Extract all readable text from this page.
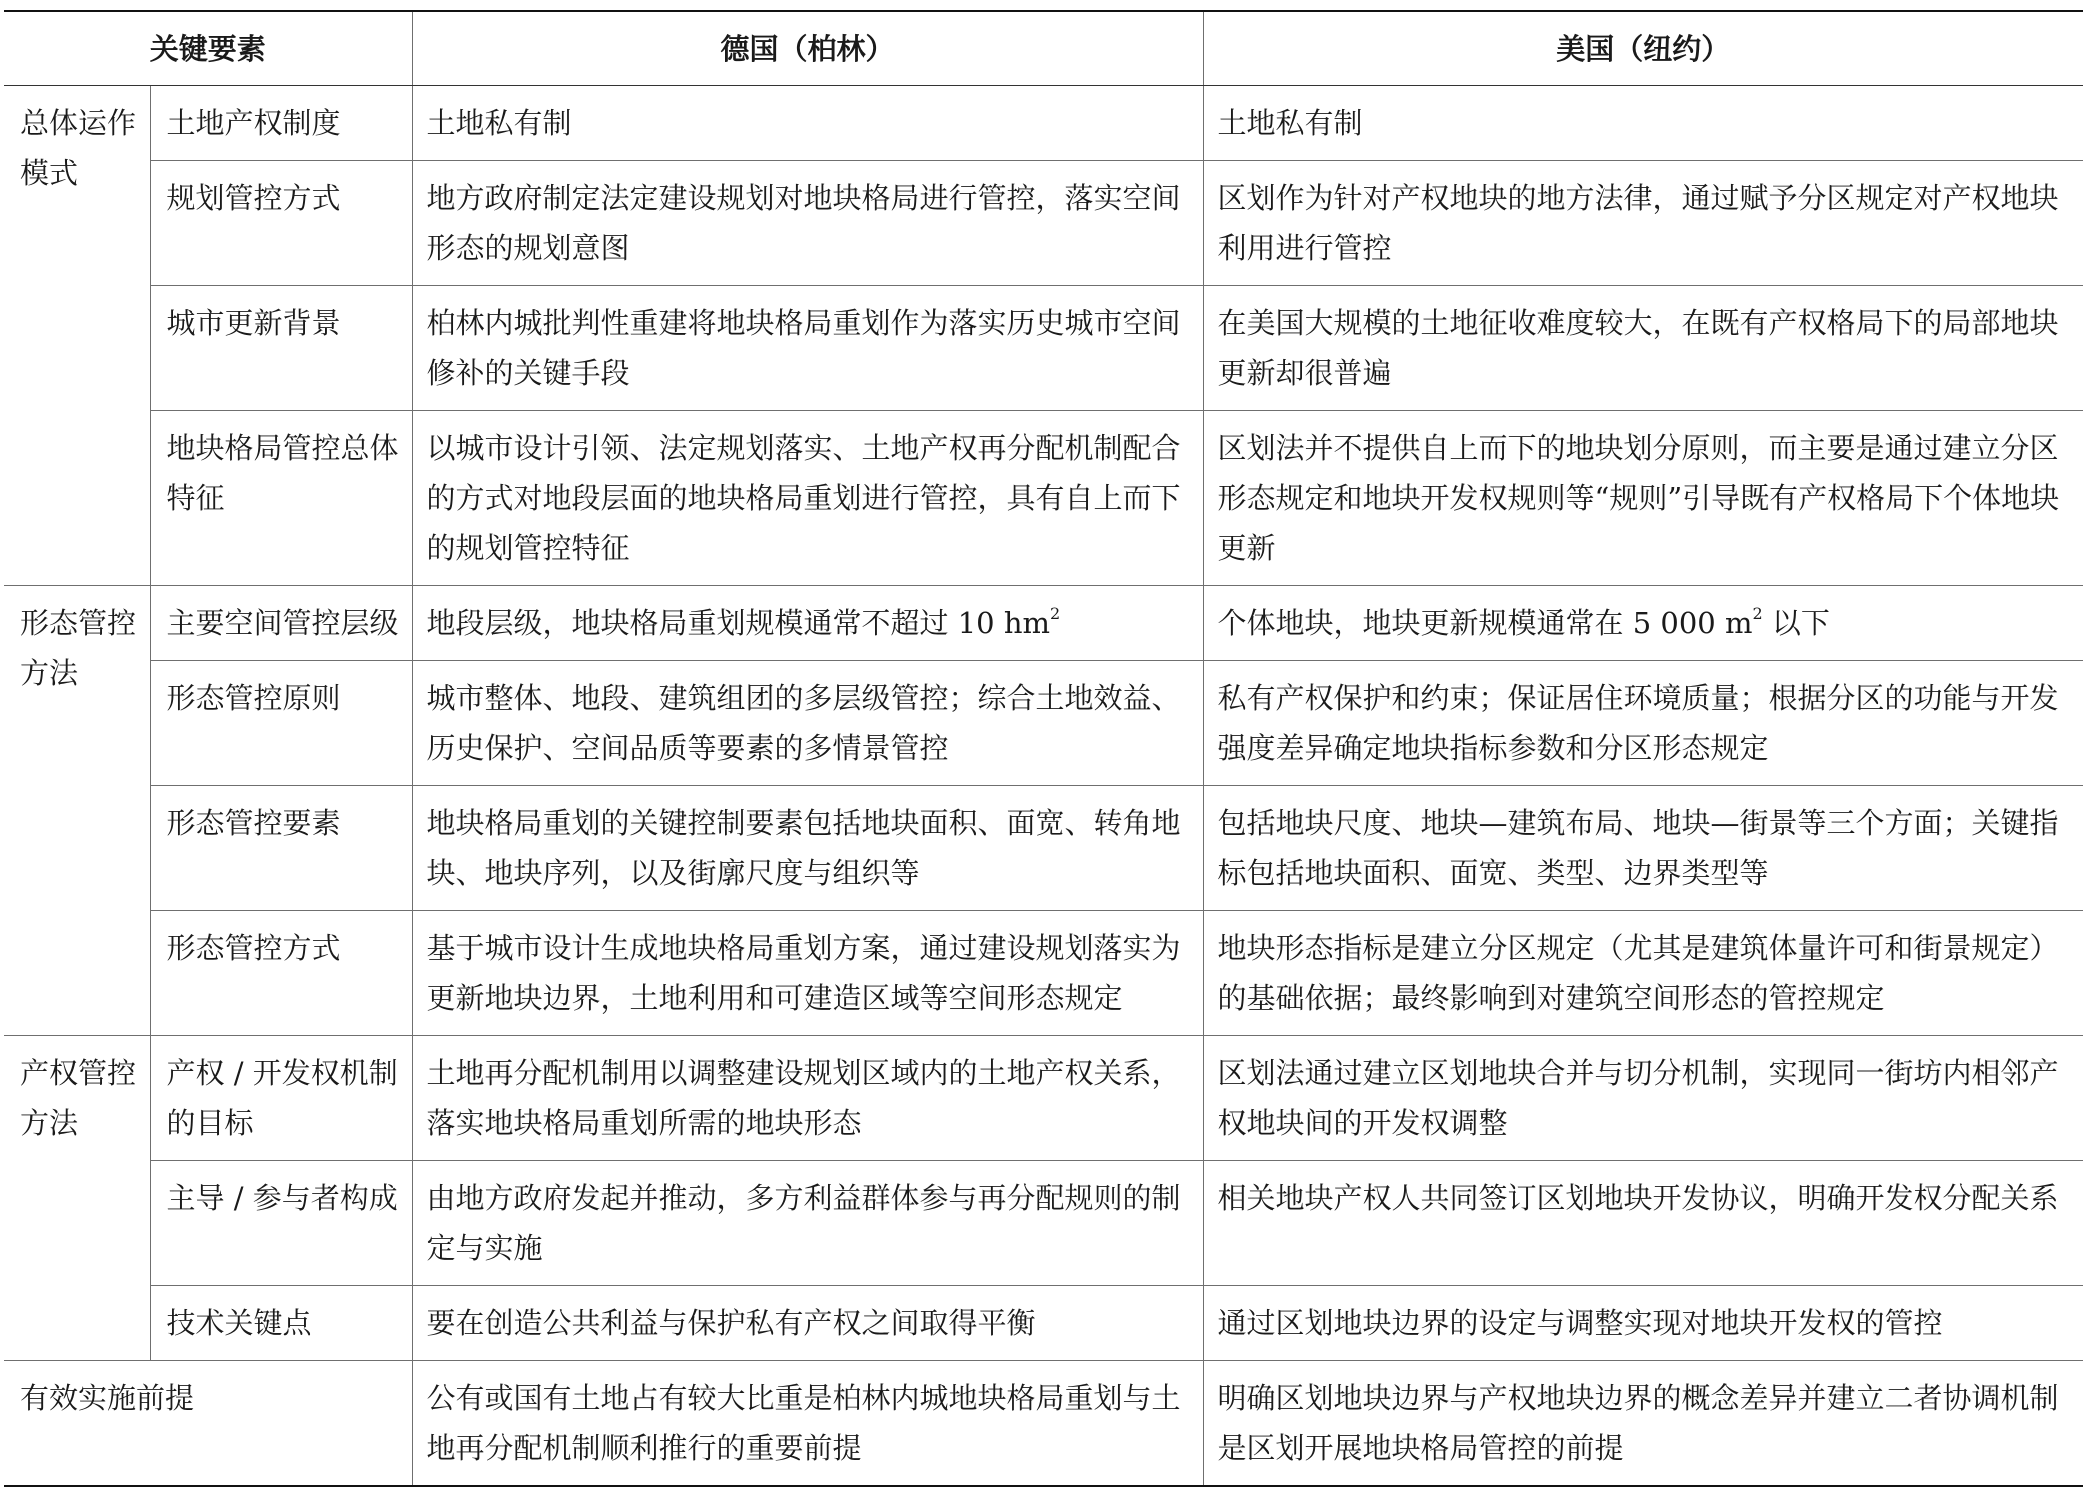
关键要素		德国（柏林）	美国（纽约）
总体运作模式	土地产权制度	土地私有制	土地私有制
	规划管控方式	地方政府制定法定建设规划对地块格局进行管控，落实空间形态的规划意图	区划作为针对产权地块的地方法律，通过赋予分区规定对产权地块利用进行管控
	城市更新背景	柏林内城批判性重建将地块格局重划作为落实历史城市空间修补的关键手段	在美国大规模的土地征收难度较大，在既有产权格局下的局部地块更新却很普遍
	地块格局管控总体特征	以城市设计引领、法定规划落实、土地产权再分配机制配合的方式对地段层面的地块格局重划进行管控，具有自上而下的规划管控特征	区划法并不提供自上而下的地块划分原则，而主要是通过建立分区形态规定和地块开发权规则等“规则”引导既有产权格局下个体地块更新
形态管控方法	主要空间管控层级	地段层级，地块格局重划规模通常不超过 10 $hm^2$	个体地块，地块更新规模通常在 5 000 $m^2$ 以下
	形态管控原则	城市整体、地段、建筑组团的多层级管控；综合土地效益、历史保护、空间品质等要素的多情景管控	私有产权保护和约束；保证居住环境质量；根据分区的功能与开发强度差异确定地块指标参数和分区形态规定
	形态管控要素	地块格局重划的关键控制要素包括地块面积、面宽、转角地块、地块序列，以及街廓尺度与组织等	包括地块尺度、地块—建筑布局、地块—街景等三个方面；关键指标包括地块面积、面宽、类型、边界类型等
	形态管控方式	基于城市设计生成地块格局重划方案，通过建设规划落实为更新地块边界，土地利用和可建造区域等空间形态规定	地块形态指标是建立分区规定（尤其是建筑体量许可和街景规定）的基础依据；最终影响到对建筑空间形态的管控规定
产权管控方法	产权 / 开发权机制的目标	土地再分配机制用以调整建设规划区域内的土地产权关系，落实地块格局重划所需的地块形态	区划法通过建立区划地块合并与切分机制，实现同一街坊内相邻产权地块间的开发权调整
	主导 / 参与者构成	由地方政府发起并推动，多方利益群体参与再分配规则的制定与实施	相关地块产权人共同签订区划地块开发协议，明确开发权分配关系
	技术关键点	要在创造公共利益与保护私有产权之间取得平衡	通过区划地块边界的设定与调整实现对地块开发权的管控
有效实施前提		公有或国有土地占有较大比重是柏林内城地块格局重划与土地再分配机制顺利推行的重要前提	明确区划地块边界与产权地块边界的概念差异并建立二者协调机制是区划开展地块格局管控的前提
